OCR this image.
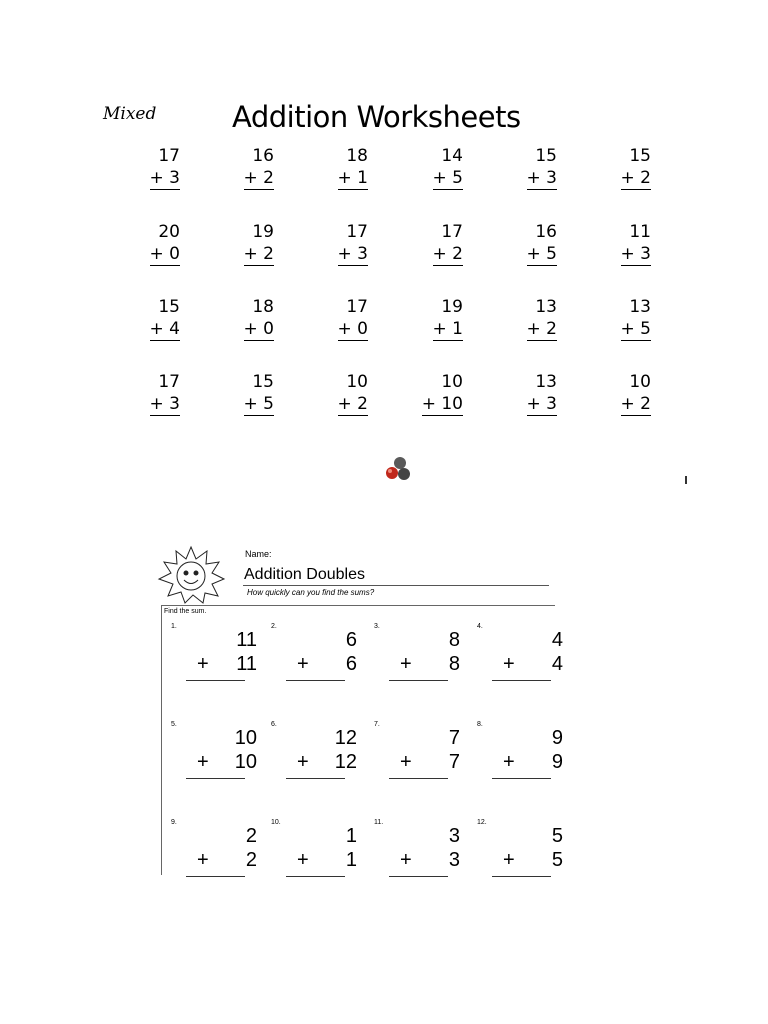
Mixed	Addition Worksheets
17
+ 3
16
+ 2
18
+ 1
14
+ 5
15
+ 3
15
+ 2
20
+ 0
19
+ 2
17
+ 3
17
+ 2
16
+ 5
11
+ 3
15
+ 4
18
+ 0
17
+ 0
19
+ 1
13
+ 2
13
+ 5
17
+ 3
15
+ 5
10
+ 2
10
+ 10
13
+ 3
10
+ 2
Name:
Addition Doubles
How quickly can you find the sums?
Find the sum.
1.
11
+ 11
2.
6
+ 6
3.
8
+ 8
4.
4
+ 4
5.
10
+ 10
6.
12
+ 12
7.
7
+ 7
8.
9
+ 9
9.
2
+ 2
10.
1
+ 1
11.
3
+ 3
12.
5
+ 5
